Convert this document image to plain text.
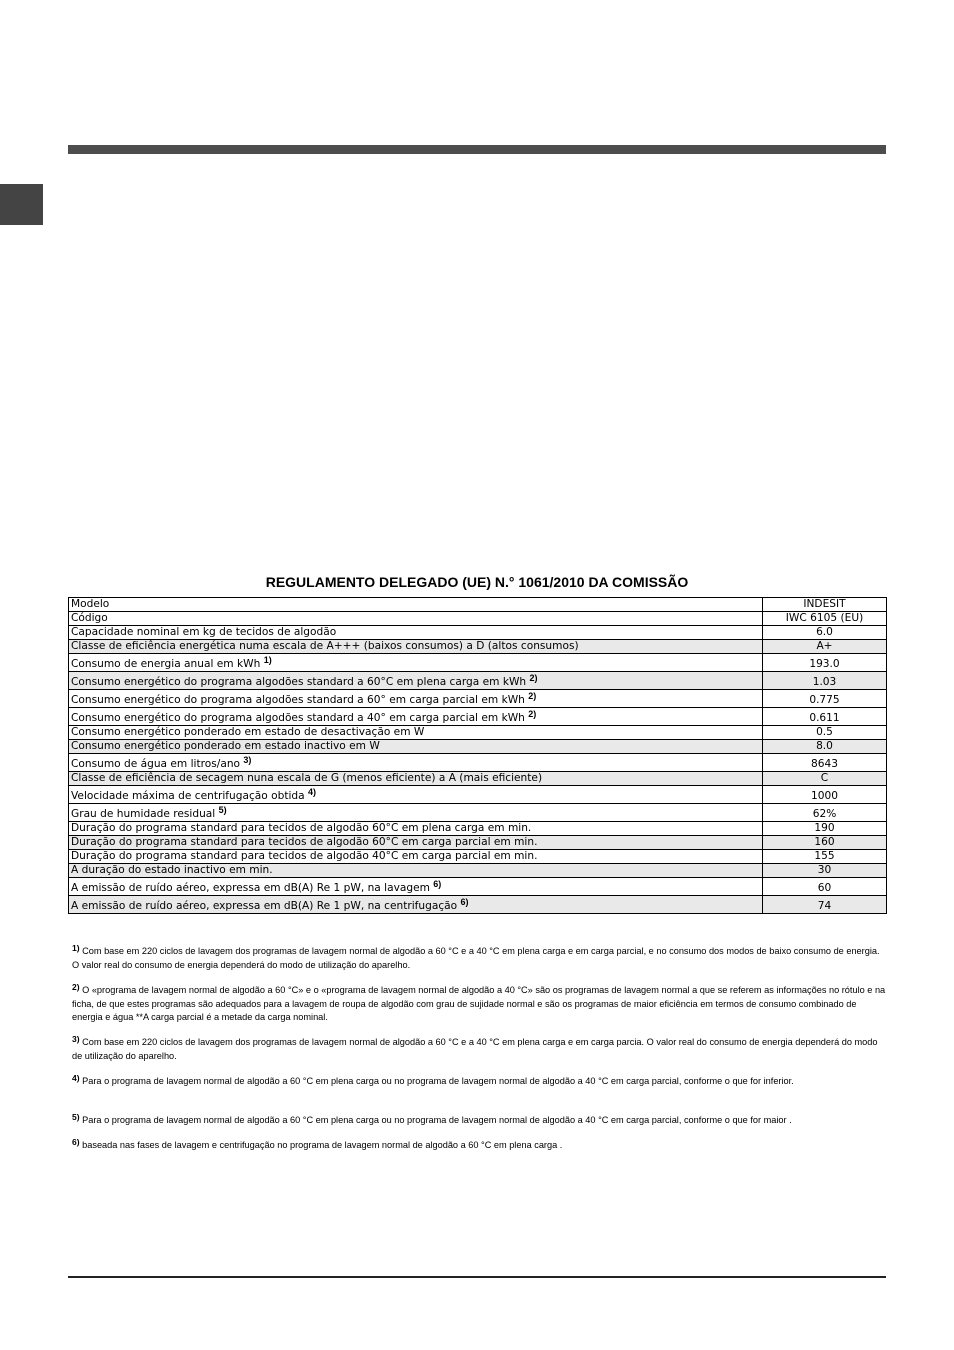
REGULAMENTO DELEGADO (UE) N.° 1061/2010 DA COMISSÃO
Modelo	INDESIT
Código	IWC 6105 (EU)
Capacidade nominal em kg de tecidos de algodão	6.0
Classe de eficiência energética numa escala de A+++ (baixos consumos) a D (altos consumos)	A+
Consumo de energia anual em kWh $^{1)}$	193.0
Consumo energético do programa algodões standard a 60°C em plena carga em kWh $^{2)}$	1.03
Consumo energético do programa algodões standard a 60° em carga parcial em kWh $^{2)}$	0.775
Consumo energético do programa algodões standard a 40° em carga parcial em kWh $^{2)}$	0.611
Consumo energético ponderado em estado de desactivação em W	0.5
Consumo energético ponderado em estado inactivo em W	8.0
Consumo de água em litros/ano $^{3)}$	8643
Classe de eficiência de secagem nuna escala de G (menos eficiente) a A (mais eficiente)	C
Velocidade máxima de centrifugação obtida $^{4)}$	1000
Grau de humidade residual $^{5)}$	62%
Duração do programa standard para tecidos de algodão 60°C em plena carga em min.	190
Duração do programa standard para tecidos de algodão 60°C em carga parcial em min.	160
Duração do programa standard para tecidos de algodão 40°C em carga parcial em min.	155
A duração do estado inactivo em min.	30
A emissão de ruído aéreo, expressa em dB(A) Re 1 pW, na lavagem $^{6)}$	60
A emissão de ruído aéreo, expressa em dB(A) Re 1 pW, na centrifugação $^{6)}$	74

$^{1)}$ Com base em 220 ciclos de lavagem dos programas de lavagem normal de algodão a 60 °C e a 40 °C em plena carga e em carga parcial, e no consumo dos modos de baixo consumo de energia. O valor real do consumo de energia dependerá do modo de utilização do aparelho.

$^{2)}$ O «programa de lavagem normal de algodão a 60 °C» e o «programa de lavagem normal de algodão a 40 °C» são os programas de lavagem normal a que se referem as informações no rótulo e na ficha, de que estes programas são adequados para a lavagem de roupa de algodão com grau de sujidade normal e são os programas de maior eficiência em termos de consumo combinado de energia e água **A carga parcial é a metade da carga nominal.

$^{3)}$ Com base em 220 ciclos de lavagem dos programas de lavagem normal de algodão a 60 °C e a 40 °C em plena carga e em carga parcia. O valor real do consumo de energia dependerá do modo de utilização do aparelho.

$^{4)}$ Para o programa de lavagem normal de algodão a 60 °C em plena carga ou no programa de lavagem normal de algodão a 40 °C em carga parcial, conforme o que for inferior.

$^{5)}$ Para o programa de lavagem normal de algodão a 60 °C em plena carga ou no programa de lavagem normal de algodão a 40 °C em carga parcial, conforme o que for maior .

$^{6)}$ baseada nas fases de lavagem e centrifugação no programa de lavagem normal de algodão a 60 °C em plena carga .
